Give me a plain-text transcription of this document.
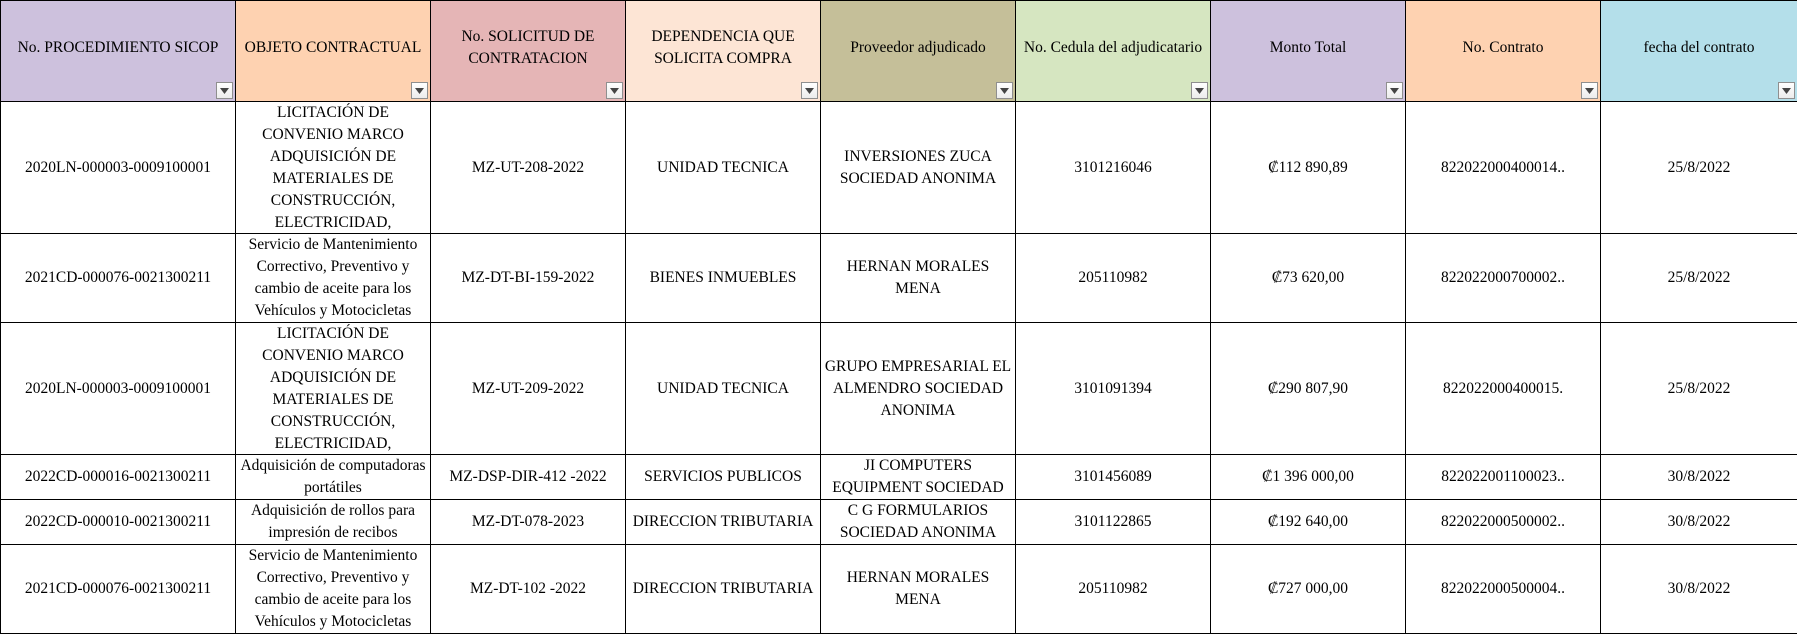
No. PROCEDIMIENTO SICOP	OBJETO CONTRACTUAL	No. SOLICITUD DE CONTRATACION	DEPENDENCIA QUE SOLICITA COMPRA	Proveedor adjudicado	No. Cedula del adjudicatario	Monto Total	No. Contrato	fecha del contrato

2020LN-000003-0009100001	LICITACIÓN DE CONVENIO MARCO ADQUISICIÓN DE MATERIALES DE CONSTRUCCIÓN, ELECTRICIDAD,	MZ-UT-208-2022	UNIDAD TECNICA	INVERSIONES ZUCA SOCIEDAD ANONIMA	3101216046	₡112 890,89	822022000400014..	25/8/2022
2021CD-000076-0021300211	Servicio de Mantenimiento Correctivo, Preventivo y cambio de aceite para los Vehículos y Motocicletas	MZ-DT-BI-159-2022	BIENES INMUEBLES	HERNAN MORALES MENA	205110982	₡73 620,00	822022000700002..	25/8/2022
2020LN-000003-0009100001	LICITACIÓN DE CONVENIO MARCO ADQUISICIÓN DE MATERIALES DE CONSTRUCCIÓN, ELECTRICIDAD,	MZ-UT-209-2022	UNIDAD TECNICA	GRUPO EMPRESARIAL EL ALMENDRO SOCIEDAD ANONIMA	3101091394	₡290 807,90	822022000400015.	25/8/2022
2022CD-000016-0021300211	Adquisición de computadoras portátiles	MZ-DSP-DIR-412 -2022	SERVICIOS PUBLICOS	JI COMPUTERS EQUIPMENT SOCIEDAD	3101456089	₡1 396 000,00	822022001100023..	30/8/2022
2022CD-000010-0021300211	Adquisición de rollos para impresión de recibos	MZ-DT-078-2023	DIRECCION TRIBUTARIA	C G FORMULARIOS SOCIEDAD ANONIMA	3101122865	₡192 640,00	822022000500002..	30/8/2022
2021CD-000076-0021300211	Servicio de Mantenimiento Correctivo, Preventivo y cambio de aceite para los Vehículos y Motocicletas	MZ-DT-102 -2022	DIRECCION TRIBUTARIA	HERNAN MORALES MENA	205110982	₡727 000,00	822022000500004..	30/8/2022
